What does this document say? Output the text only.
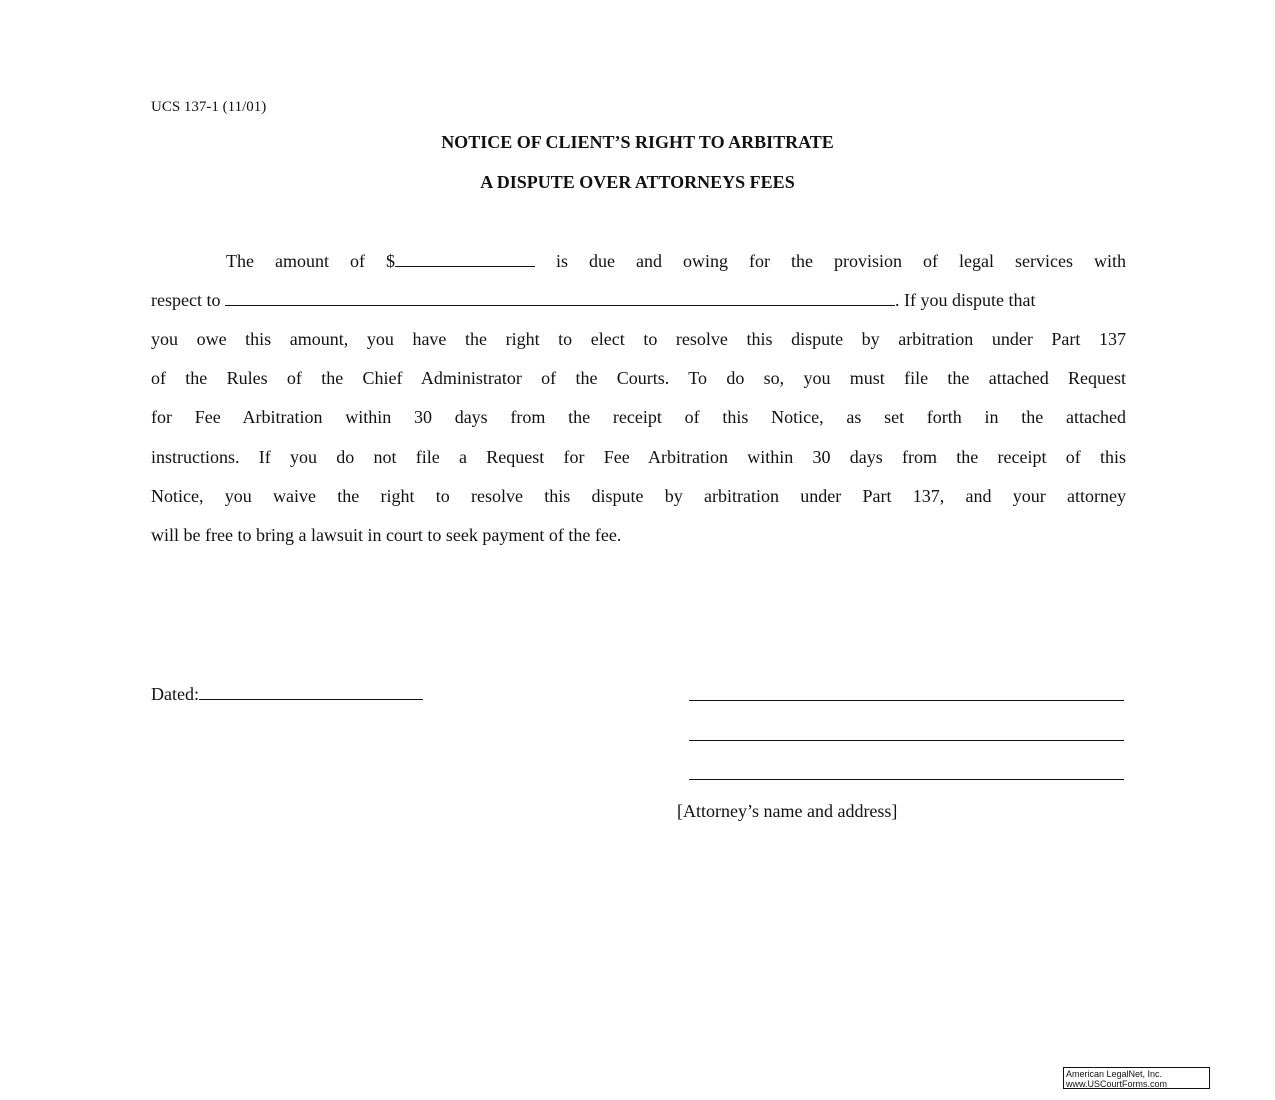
UCS 137-1 (11/01)
NOTICE OF CLIENT’S RIGHT TO ARBITRATE
A DISPUTE OVER ATTORNEYS FEES
The amount of $	is due and owing for the provision of legal services with
respect to	. If you dispute that
you owe this amount, you have the right to elect to resolve this dispute by arbitration under Part 137
of the Rules of the Chief Administrator of the Courts. To do so, you must file the attached Request
for Fee Arbitration within 30 days from the receipt of this Notice, as set forth in the attached
instructions. If you do not file a Request for Fee Arbitration within 30 days from the receipt of this
Notice, you waive the right to resolve this dispute by arbitration under Part 137, and your attorney
will be free to bring a lawsuit in court to seek payment of the fee.
Dated:
[Attorney’s name and address]
American LegalNet, Inc.
www.USCourtForms.com
